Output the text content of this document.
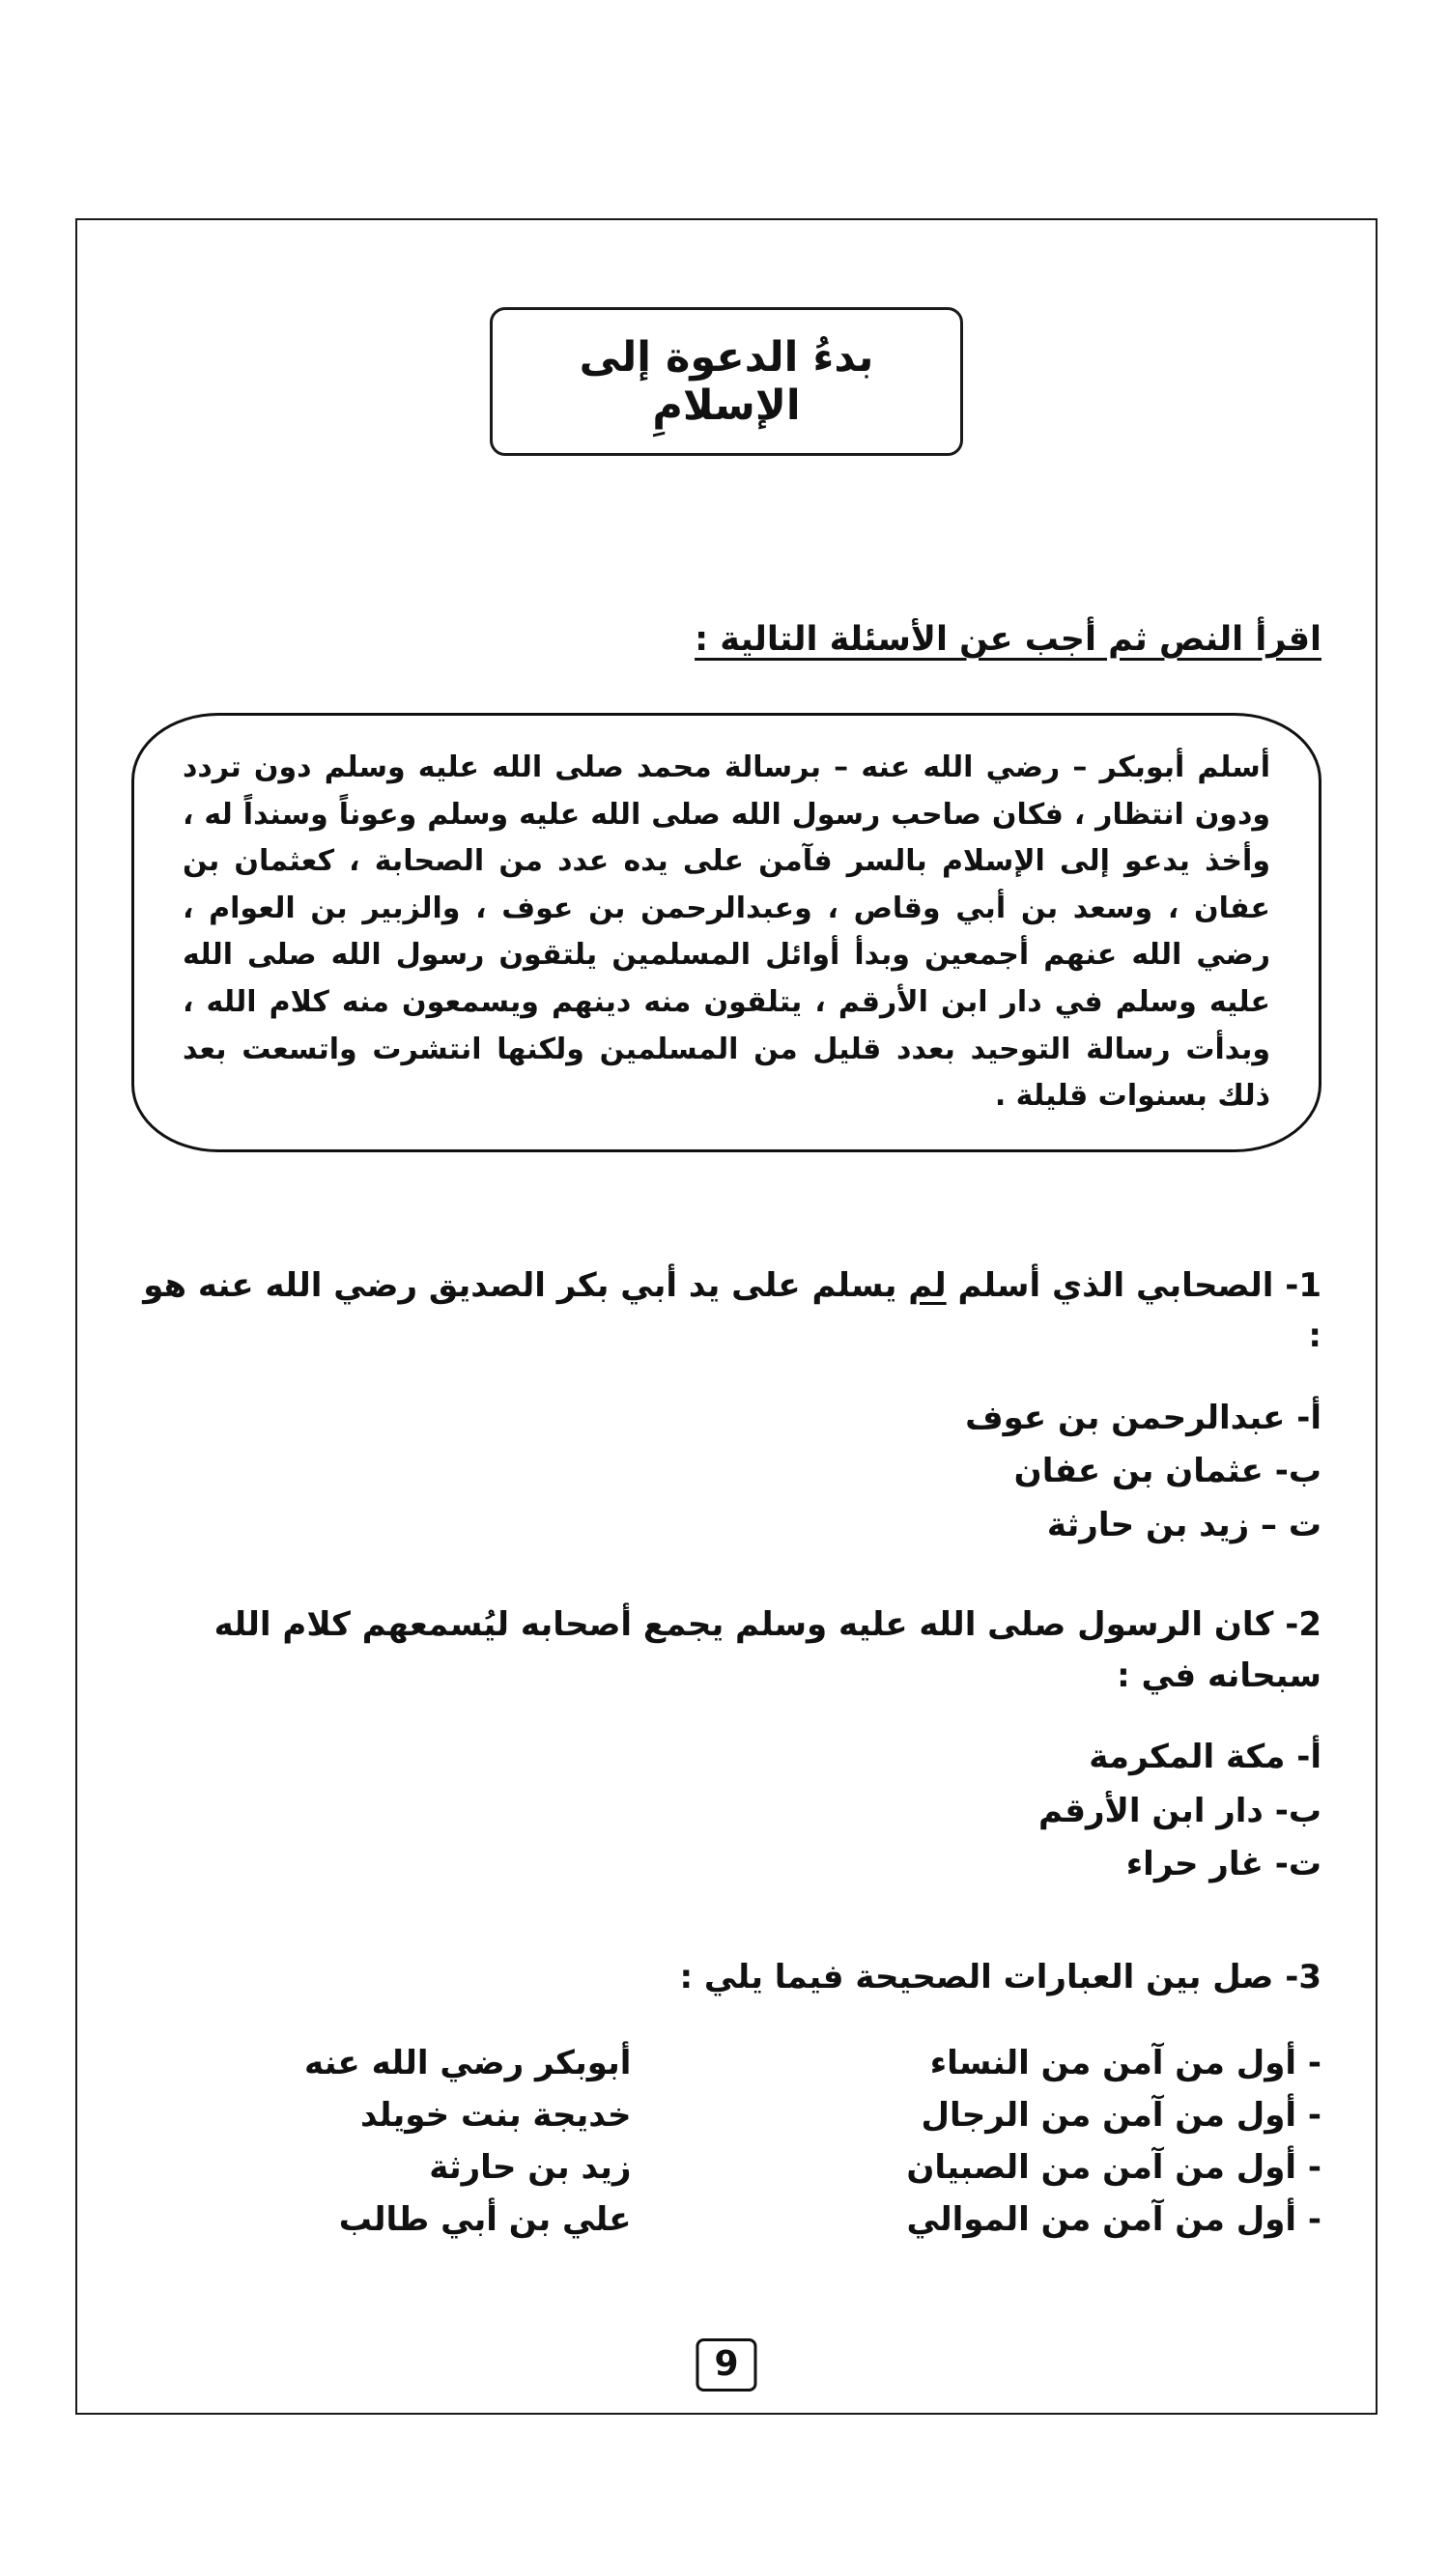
بدءُ الدعوة إلى الإسلامِ
اقرأ النص ثم أجب عن الأسئلة التالية :

أسلم أبوبكر – رضي الله عنه – برسالة محمد صلى الله عليه وسلم دون تردد ودون انتظار ، فكان صاحب رسول الله صلى الله عليه وسلم وعوناً وسنداً له ، وأخذ يدعو إلى الإسلام بالسر فآمن على يده عدد من الصحابة ، كعثمان بن عفان ، وسعد بن أبي وقاص ، وعبدالرحمن بن عوف ، والزبير بن العوام ، رضي الله عنهم أجمعين وبدأ أوائل المسلمين يلتقون رسول الله صلى الله عليه وسلم في دار ابن الأرقم ، يتلقون منه دينهم ويسمعون منه كلام الله ، وبدأت رسالة التوحيد بعدد قليل من المسلمين ولكنها انتشرت واتسعت بعد ذلك بسنوات قليلة .

1- الصحابي الذي أسلم لم يسلم على يد أبي بكر الصديق رضي الله عنه هو :

أ- عبدالرحمن بن عوف
ب- عثمان بن عفان
ت – زيد بن حارثة

2- كان الرسول صلى الله عليه وسلم يجمع أصحابه ليُسمعهم كلام الله سبحانه في :

أ- مكة المكرمة
ب- دار ابن الأرقم
ت- غار حراء

3- صل بين العبارات الصحيحة فيما يلي :

- أول من آمن من النساء
أبوبكر رضي الله عنه
- أول من آمن من الرجال
خديجة بنت خويلد
- أول من آمن من الصبيان
زيد بن حارثة
- أول من آمن من الموالي
علي بن أبي طالب
9
